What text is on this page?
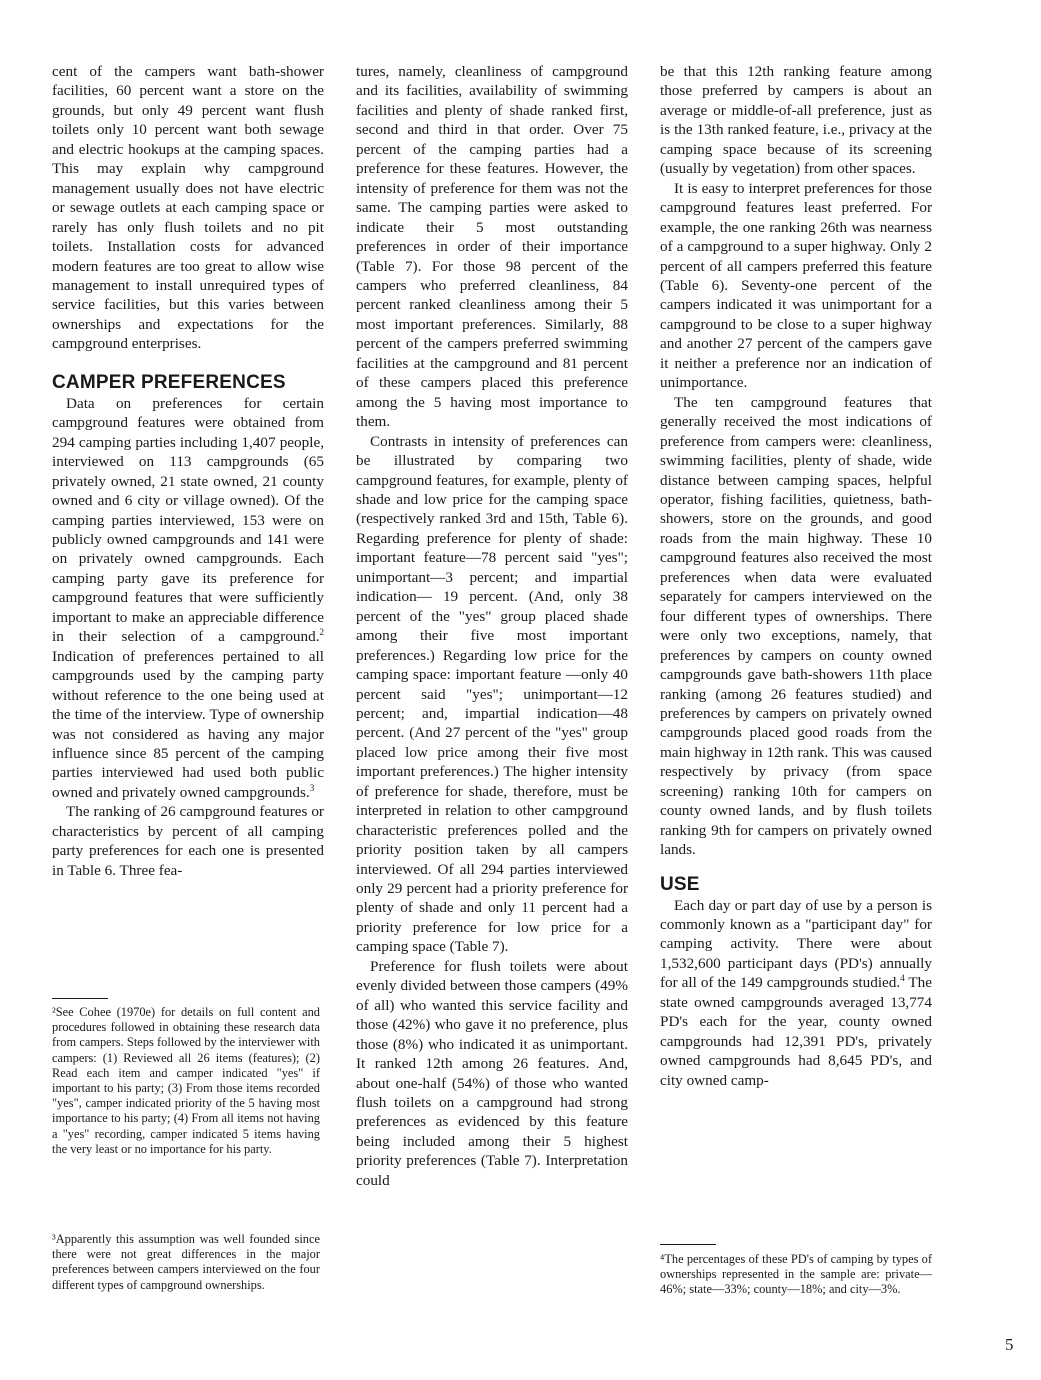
cent of the campers want bath-shower facilities, 60 percent want a store on the grounds, but only 49 percent want flush toilets only 10 percent want both sewage and electric hookups at the camping spaces. This may explain why campground management usually does not have electric or sewage outlets at each camping space or rarely has only flush toilets and no pit toilets. Installation costs for advanced modern features are too great to allow wise management to install unrequired types of service facilities, but this varies between ownerships and expectations for the campground enterprises.

CAMPER PREFERENCES

Data on preferences for certain campground features were obtained from 294 camping parties including 1,407 people, interviewed on 113 campgrounds (65 privately owned, 21 state owned, 21 county owned and 6 city or village owned). Of the camping parties interviewed, 153 were on publicly owned campgrounds and 141 were on privately owned campgrounds. Each camping party gave its preference for campground features that were sufficiently important to make an appreciable difference in their selection of a campground.$^2$ Indication of preferences pertained to all campgrounds used by the camping party without reference to the one being used at the time of the interview. Type of ownership was not considered as having any major influence since 85 percent of the camping parties interviewed had used both public owned and privately owned campgrounds.$^3$

The ranking of 26 campground features or characteristics by percent of all camping party preferences for each one is presented in Table 6. Three fea-

²See Cohee (1970e) for details on full content and procedures followed in obtaining these research data from campers. Steps followed by the interviewer with campers: (1) Reviewed all 26 items (features); (2) Read each item and camper indicated "yes" if important to his party; (3) From those items recorded "yes", camper indicated priority of the 5 having most importance to his party; (4) From all items not having a "yes" recording, camper indicated 5 items having the very least or no importance for his party.

³Apparently this assumption was well founded since there were not great differences in the major preferences between campers interviewed on the four different types of campground ownerships.

tures, namely, cleanliness of campground and its facilities, availability of swimming facilities and plenty of shade ranked first, second and third in that order. Over 75 percent of the camping parties had a preference for these features. However, the intensity of preference for them was not the same. The camping parties were asked to indicate their 5 most outstanding preferences in order of their importance (Table 7). For those 98 percent of the campers who preferred cleanliness, 84 percent ranked cleanliness among their 5 most important preferences. Similarly, 88 percent of the campers preferred swimming facilities at the campground and 81 percent of these campers placed this preference among the 5 having most importance to them.

Contrasts in intensity of preferences can be illustrated by comparing two campground features, for example, plenty of shade and low price for the camping space (respectively ranked 3rd and 15th, Table 6). Regarding preference for plenty of shade: important feature—78 percent said "yes"; unimportant—3 percent; and impartial indication— 19 percent. (And, only 38 percent of the "yes" group placed shade among their five most important preferences.) Regarding low price for the camping space: important feature —only 40 percent said "yes"; unimportant—12 percent; and, impartial indication—48 percent. (And 27 percent of the "yes" group placed low price among their five most important preferences.) The higher intensity of preference for shade, therefore, must be interpreted in relation to other campground characteristic preferences polled and the priority position taken by all campers interviewed. Of all 294 parties interviewed only 29 percent had a priority preference for plenty of shade and only 11 percent had a priority preference for low price for a camping space (Table 7).

Preference for flush toilets were about evenly divided between those campers (49% of all) who wanted this service facility and those (42%) who gave it no preference, plus those (8%) who indicated it as unimportant. It ranked 12th among 26 features. And, about one-half (54%) of those who wanted flush toilets on a campground had strong preferences as evidenced by this feature being included among their 5 highest priority preferences (Table 7). Interpretation could

be that this 12th ranking feature among those preferred by campers is about an average or middle-of-all preference, just as is the 13th ranked feature, i.e., privacy at the camping space because of its screening (usually by vegetation) from other spaces.

It is easy to interpret preferences for those campground features least preferred. For example, the one ranking 26th was nearness of a campground to a super highway. Only 2 percent of all campers preferred this feature (Table 6). Seventy-one percent of the campers indicated it was unimportant for a campground to be close to a super highway and another 27 percent of the campers gave it neither a preference nor an indication of unimportance.

The ten campground features that generally received the most indications of preference from campers were: cleanliness, swimming facilities, plenty of shade, wide distance between camping spaces, helpful operator, fishing facilities, quietness, bath-showers, store on the grounds, and good roads from the main highway. These 10 campground features also received the most preferences when data were evaluated separately for campers interviewed on the four different types of ownerships. There were only two exceptions, namely, that preferences by campers on county owned campgrounds gave bath-showers 11th place ranking (among 26 features studied) and preferences by campers on privately owned campgrounds placed good roads from the main highway in 12th rank. This was caused respectively by privacy (from space screening) ranking 10th for campers on county owned lands, and by flush toilets ranking 9th for campers on privately owned lands.

USE

Each day or part day of use by a person is commonly known as a "participant day" for camping activity. There were about 1,532,600 participant days (PD's) annually for all of the 149 campgrounds studied.$^4$ The state owned campgrounds averaged 13,774 PD's each for the year, county owned campgrounds had 12,391 PD's, privately owned campgrounds had 8,645 PD's, and city owned camp-

⁴The percentages of these PD's of camping by types of ownerships represented in the sample are: private—46%; state—33%; county—18%; and city—3%.

5
